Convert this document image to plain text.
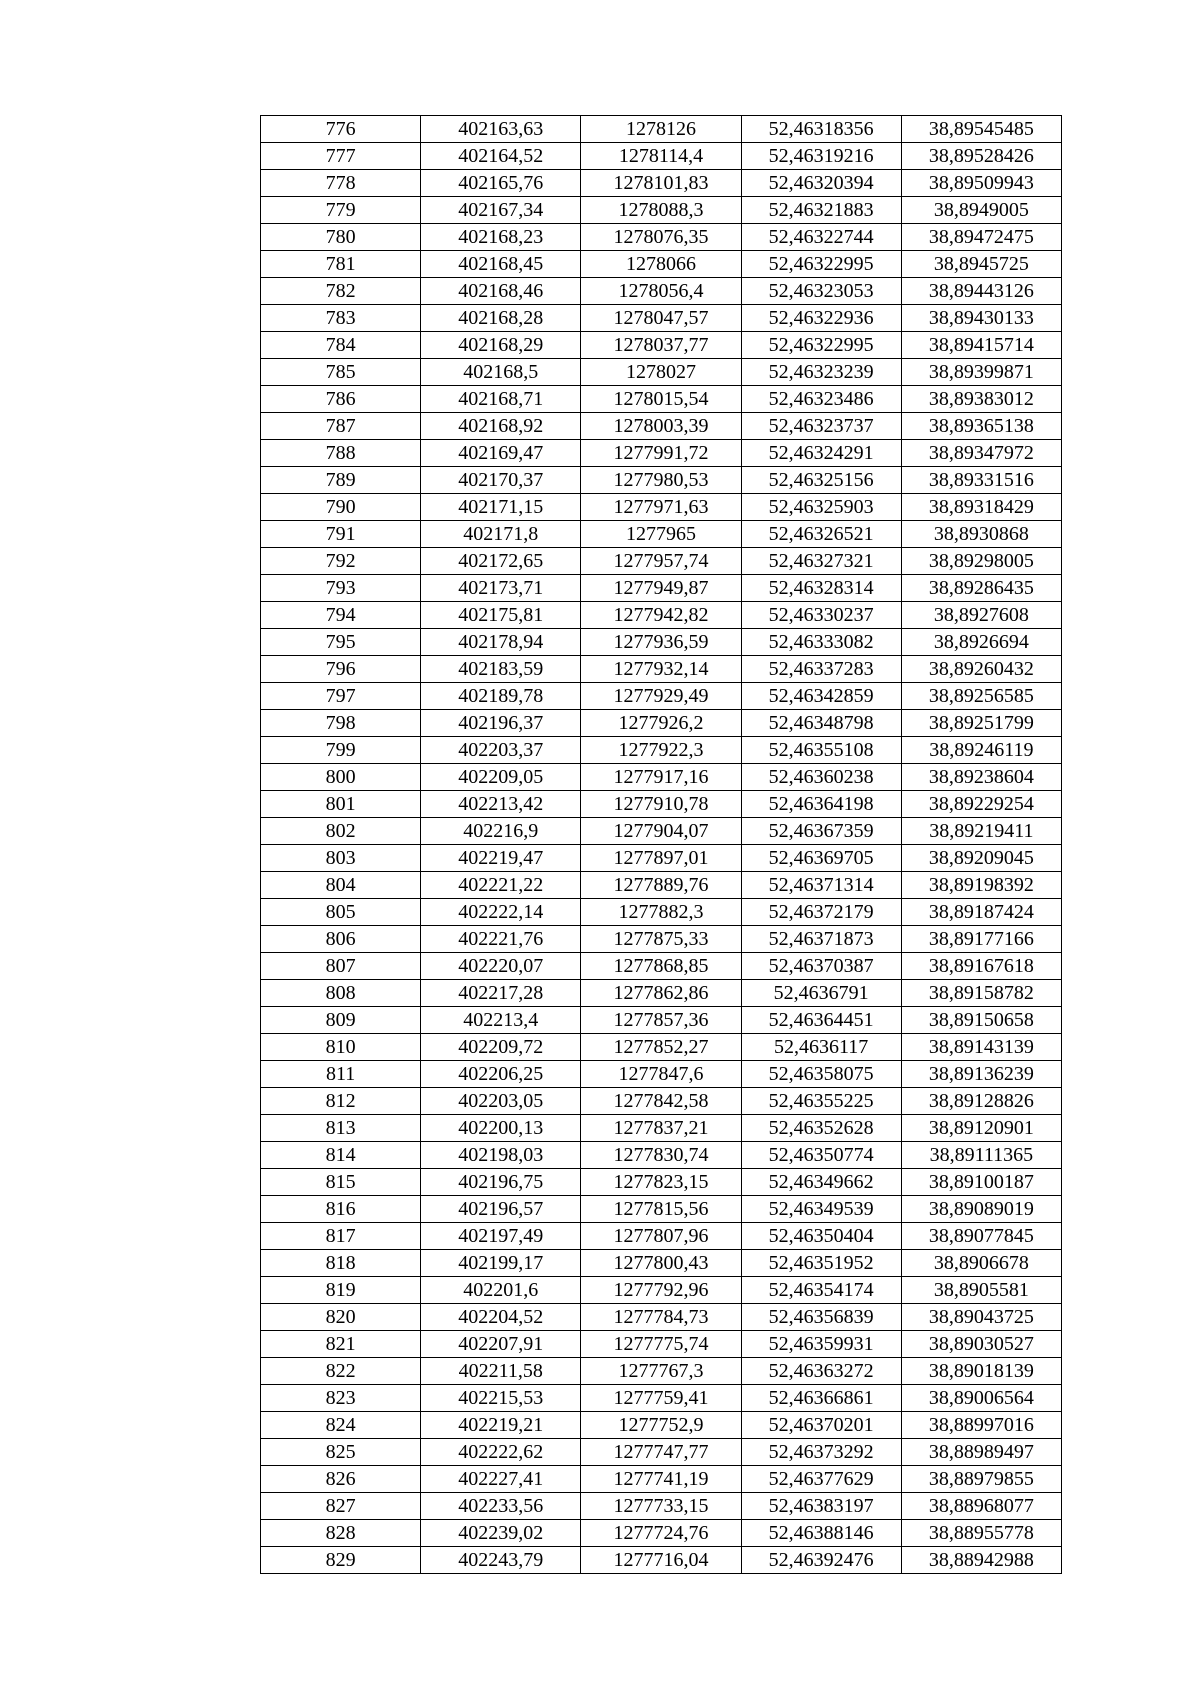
776	402163,63	1278126	52,46318356	38,89545485
777	402164,52	1278114,4	52,46319216	38,89528426
778	402165,76	1278101,83	52,46320394	38,89509943
779	402167,34	1278088,3	52,46321883	38,8949005
780	402168,23	1278076,35	52,46322744	38,89472475
781	402168,45	1278066	52,46322995	38,8945725
782	402168,46	1278056,4	52,46323053	38,89443126
783	402168,28	1278047,57	52,46322936	38,89430133
784	402168,29	1278037,77	52,46322995	38,89415714
785	402168,5	1278027	52,46323239	38,89399871
786	402168,71	1278015,54	52,46323486	38,89383012
787	402168,92	1278003,39	52,46323737	38,89365138
788	402169,47	1277991,72	52,46324291	38,89347972
789	402170,37	1277980,53	52,46325156	38,89331516
790	402171,15	1277971,63	52,46325903	38,89318429
791	402171,8	1277965	52,46326521	38,8930868
792	402172,65	1277957,74	52,46327321	38,89298005
793	402173,71	1277949,87	52,46328314	38,89286435
794	402175,81	1277942,82	52,46330237	38,8927608
795	402178,94	1277936,59	52,46333082	38,8926694
796	402183,59	1277932,14	52,46337283	38,89260432
797	402189,78	1277929,49	52,46342859	38,89256585
798	402196,37	1277926,2	52,46348798	38,89251799
799	402203,37	1277922,3	52,46355108	38,89246119
800	402209,05	1277917,16	52,46360238	38,89238604
801	402213,42	1277910,78	52,46364198	38,89229254
802	402216,9	1277904,07	52,46367359	38,89219411
803	402219,47	1277897,01	52,46369705	38,89209045
804	402221,22	1277889,76	52,46371314	38,89198392
805	402222,14	1277882,3	52,46372179	38,89187424
806	402221,76	1277875,33	52,46371873	38,89177166
807	402220,07	1277868,85	52,46370387	38,89167618
808	402217,28	1277862,86	52,4636791	38,89158782
809	402213,4	1277857,36	52,46364451	38,89150658
810	402209,72	1277852,27	52,4636117	38,89143139
811	402206,25	1277847,6	52,46358075	38,89136239
812	402203,05	1277842,58	52,46355225	38,89128826
813	402200,13	1277837,21	52,46352628	38,89120901
814	402198,03	1277830,74	52,46350774	38,89111365
815	402196,75	1277823,15	52,46349662	38,89100187
816	402196,57	1277815,56	52,46349539	38,89089019
817	402197,49	1277807,96	52,46350404	38,89077845
818	402199,17	1277800,43	52,46351952	38,8906678
819	402201,6	1277792,96	52,46354174	38,8905581
820	402204,52	1277784,73	52,46356839	38,89043725
821	402207,91	1277775,74	52,46359931	38,89030527
822	402211,58	1277767,3	52,46363272	38,89018139
823	402215,53	1277759,41	52,46366861	38,89006564
824	402219,21	1277752,9	52,46370201	38,88997016
825	402222,62	1277747,77	52,46373292	38,88989497
826	402227,41	1277741,19	52,46377629	38,88979855
827	402233,56	1277733,15	52,46383197	38,88968077
828	402239,02	1277724,76	52,46388146	38,88955778
829	402243,79	1277716,04	52,46392476	38,88942988
